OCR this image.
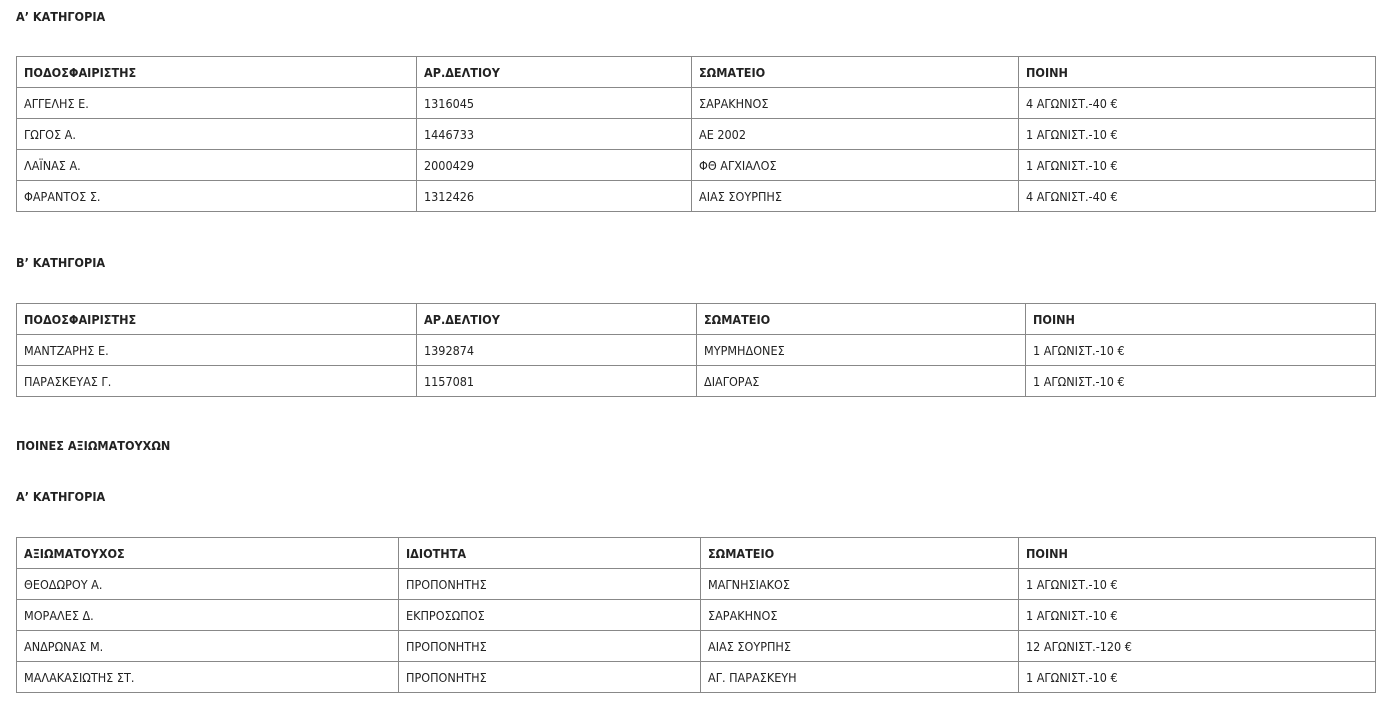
Α’ ΚΑΤΗΓΟΡΙΑ

ΠΟΔΟΣΦΑΙΡΙΣΤΗΣ	ΑΡ.ΔΕΛΤΙΟΥ	ΣΩΜΑΤΕΙΟ	ΠΟΙΝΗ
ΑΓΓΕΛΗΣ Ε.	1316045	ΣΑΡΑΚΗΝΟΣ	4 ΑΓΩΝΙΣΤ.-40 €
ΓΩΓΟΣ Α.	1446733	ΑΕ 2002	1 ΑΓΩΝΙΣΤ.-10 €
ΛΑΪΝΑΣ Α.	2000429	ΦΘ ΑΓΧΙΑΛΟΣ	1 ΑΓΩΝΙΣΤ.-10 €
ΦΑΡΑΝΤΟΣ Σ.	1312426	ΑΙΑΣ ΣΟΥΡΠΗΣ	4 ΑΓΩΝΙΣΤ.-40 €

Β’ ΚΑΤΗΓΟΡΙΑ

ΠΟΔΟΣΦΑΙΡΙΣΤΗΣ	ΑΡ.ΔΕΛΤΙΟΥ	ΣΩΜΑΤΕΙΟ	ΠΟΙΝΗ
ΜΑΝΤΖΑΡΗΣ Ε.	1392874	ΜΥΡΜΗΔΟΝΕΣ	1 ΑΓΩΝΙΣΤ.-10 €
ΠΑΡΑΣΚΕΥΑΣ Γ.	1157081	ΔΙΑΓΟΡΑΣ	1 ΑΓΩΝΙΣΤ.-10 €

ΠΟΙΝΕΣ ΑΞΙΩΜΑΤΟΥΧΩΝ

Α’ ΚΑΤΗΓΟΡΙΑ

ΑΞΙΩΜΑΤΟΥΧΟΣ	ΙΔΙΟΤΗΤΑ	ΣΩΜΑΤΕΙΟ	ΠΟΙΝΗ
ΘΕΟΔΩΡΟΥ Α.	ΠΡΟΠΟΝΗΤΗΣ	ΜΑΓΝΗΣΙΑΚΟΣ	1 ΑΓΩΝΙΣΤ.-10 €
ΜΟΡΑΛΕΣ Δ.	ΕΚΠΡΟΣΩΠΟΣ	ΣΑΡΑΚΗΝΟΣ	1 ΑΓΩΝΙΣΤ.-10 €
ΑΝΔΡΩΝΑΣ Μ.	ΠΡΟΠΟΝΗΤΗΣ	ΑΙΑΣ ΣΟΥΡΠΗΣ	12 ΑΓΩΝΙΣΤ.-120 €
ΜΑΛΑΚΑΣΙΩΤΗΣ ΣΤ.	ΠΡΟΠΟΝΗΤΗΣ	ΑΓ. ΠΑΡΑΣΚΕΥΗ	1 ΑΓΩΝΙΣΤ.-10 €
